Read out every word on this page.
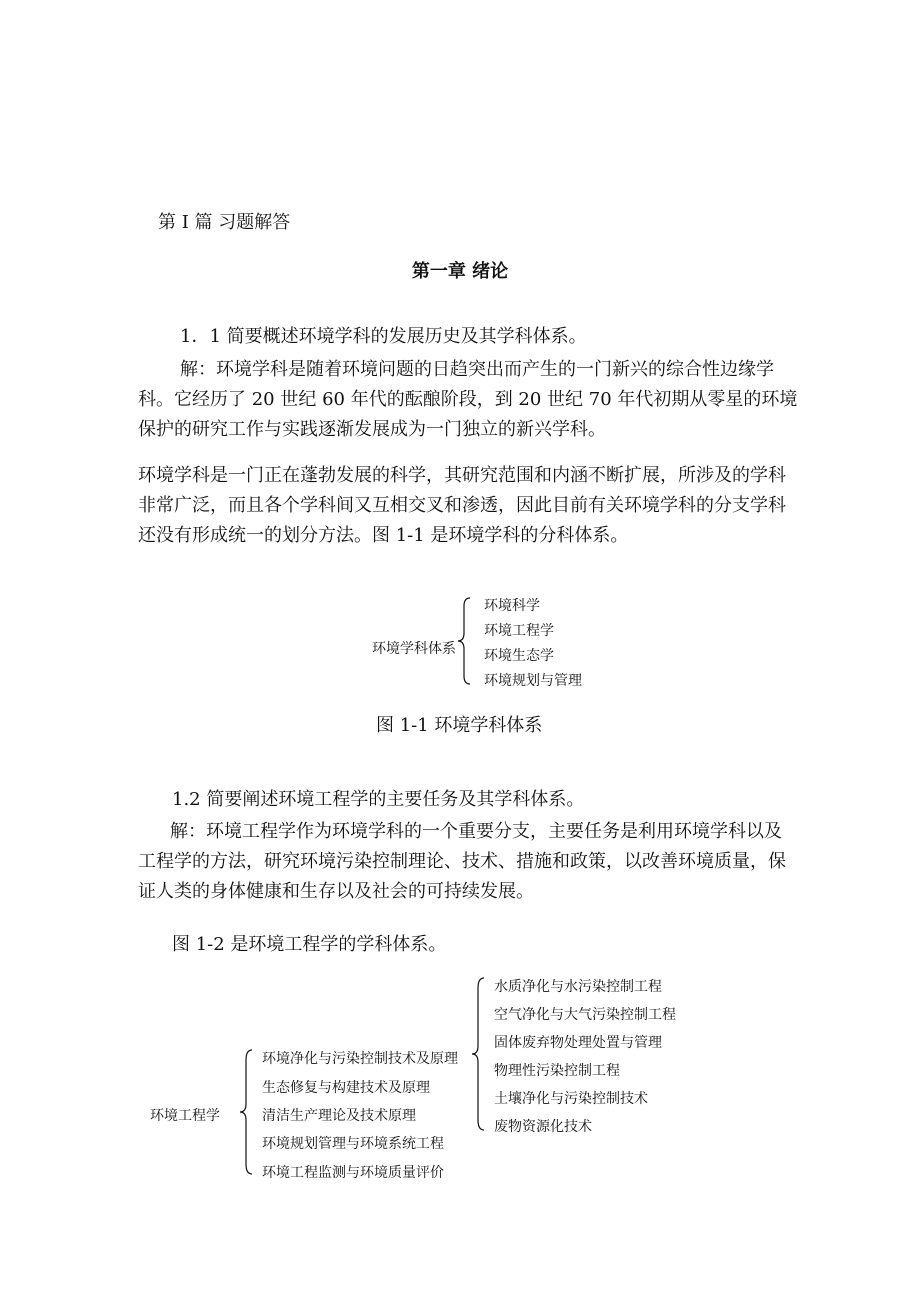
第 I 篇 习题解答
第一章 绪论
1．1 简要概述环境学科的发展历史及其学科体系。
解：环境学科是随着环境问题的日趋突出而产生的一门新兴的综合性边缘学科。它经历了 20 世纪 60 年代的酝酿阶段，到 20 世纪 70 年代初期从零星的环境保护的研究工作与实践逐渐发展成为一门独立的新兴学科。
环境学科是一门正在蓬勃发展的科学，其研究范围和内涵不断扩展，所涉及的学科非常广泛，而且各个学科间又互相交叉和渗透，因此目前有关环境学科的分支学科还没有形成统一的划分方法。图 1-1 是环境学科的分科体系。
环境学科体系
环境科学
环境工程学
环境生态学
环境规划与管理
图 1-1 环境学科体系
1.2 简要阐述环境工程学的主要任务及其学科体系。
解：环境工程学作为环境学科的一个重要分支，主要任务是利用环境学科以及工程学的方法，研究环境污染控制理论、技术、措施和政策，以改善环境质量，保证人类的身体健康和生存以及社会的可持续发展。
图 1-2 是环境工程学的学科体系。
环境工程学
环境净化与污染控制技术及原理
生态修复与构建技术及原理
清洁生产理论及技术原理
环境规划管理与环境系统工程
环境工程监测与环境质量评价
水质净化与水污染控制工程
空气净化与大气污染控制工程
固体废弃物处理处置与管理
物理性污染控制工程
土壤净化与污染控制技术
废物资源化技术
